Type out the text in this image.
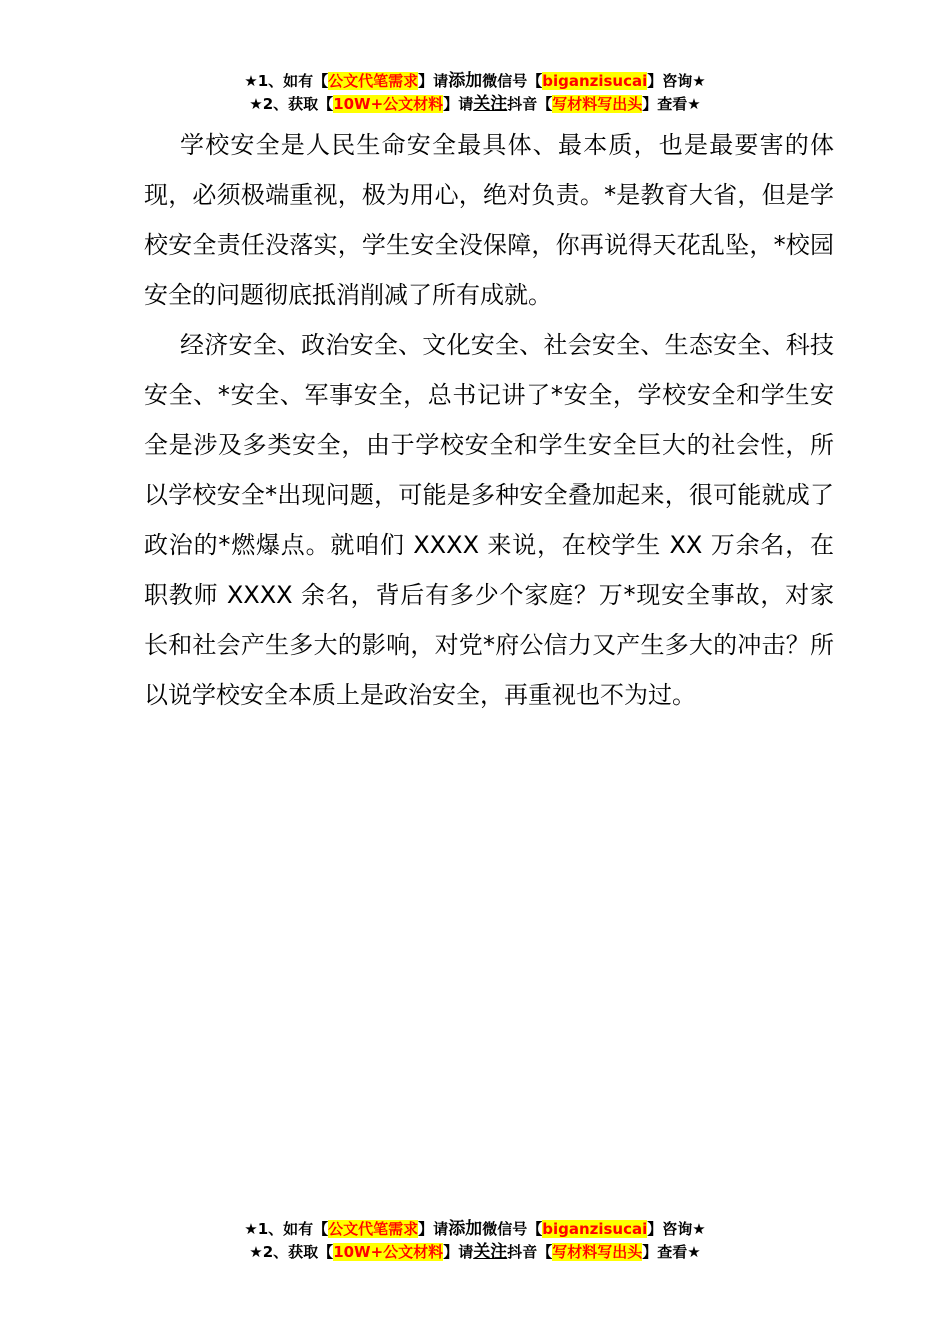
★1、如有【公文代笔需求】请添加微信号【biganzisucai】咨询★
★2、获取【10W+公文材料】请关注抖音【写材料写出头】查看★

学校安全是人民生命安全最具体、最本质，也是最要害的体现，必须极端重视，极为用心，绝对负责。*是教育大省，但是学校安全责任没落实，学生安全没保障，你再说得天花乱坠，*校园安全的问题彻底抵消削减了所有成就。

经济安全、政治安全、文化安全、社会安全、生态安全、科技安全、*安全、军事安全，总书记讲了*安全，学校安全和学生安全是涉及多类安全，由于学校安全和学生安全巨大的社会性，所以学校安全*出现问题，可能是多种安全叠加起来，很可能就成了政治的*燃爆点。就咱们 XXXX 来说，在校学生 XX 万余名，在职教师 XXXX 余名，背后有多少个家庭？万*现安全事故，对家长和社会产生多大的影响，对党*府公信力又产生多大的冲击？所以说学校安全本质上是政治安全，再重视也不为过。

★1、如有【公文代笔需求】请添加微信号【biganzisucai】咨询★
★2、获取【10W+公文材料】请关注抖音【写材料写出头】查看★
